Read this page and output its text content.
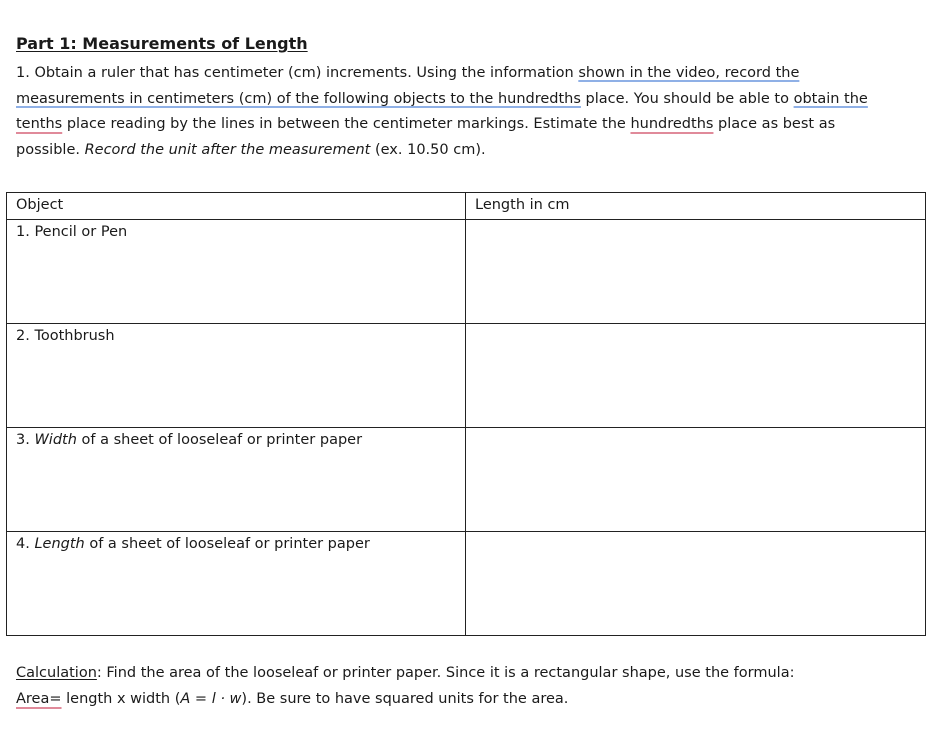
Part 1: Measurements of Length
1. Obtain a ruler that has centimeter (cm) increments. Using the information shown in the video, record the
measurements in centimeters (cm) of the following objects to the hundredths place. You should be able to obtain the
tenths place reading by the lines in between the centimeter markings. Estimate the hundredths place as best as
possible. Record the unit after the measurement (ex. 10.50 cm).
Object	Length in cm
1. Pencil or Pen	
2. Toothbrush	
3. Width of a sheet of looseleaf or printer paper	
4. Length of a sheet of looseleaf or printer paper	
Calculation: Find the area of the looseleaf or printer paper. Since it is a rectangular shape, use the formula:
Area= length x width (A = l · w). Be sure to have squared units for the area.
